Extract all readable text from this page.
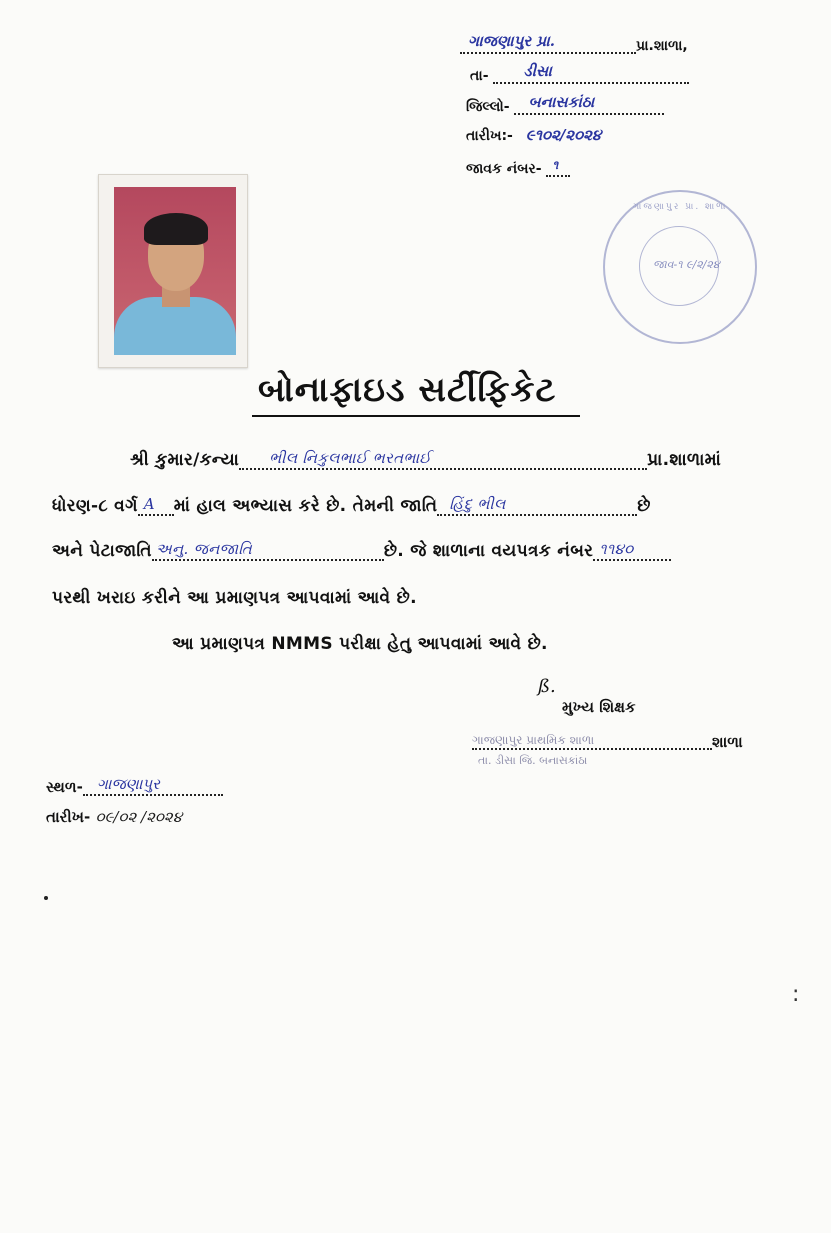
ગાજણાપુર પ્રા.	પ્રા.શાળા,
તા- ડીસા
જિલ્લો- બનાસકાંઠા
તારીખ:- ૯૧૦૨/૨૦૨૪
જાવક નંબર- ૧
ગાજણાપુર પ્રા. શાળા
જાવ-૧ ૯/૨/૨૪
બોનાફાઇડ સર્ટીફિકેટ
શ્રી કુમાર/કન્યા ભીલ નિકુલભાઈ ભરતભાઈ	પ્રા.શાળામાં
ધોરણ-૮ વર્ગ A માં હાલ અભ્યાસ કરે છે. તેમની જાતિ હિંદુ ભીલ	છે
અને પેટાજાતિ અનુ. જનજાતિ	છે. જે શાળાના વયપત્રક નંબર ૧૧૪૦
પરથી ખરાઇ કરીને આ પ્રમાણપત્ર આપવામાં આવે છે.
આ પ્રમાણપત્ર NMMS પરીક્ષા હેતુ આપવામાં આવે છે.
ß.
મુખ્ય શિક્ષક
ગાજણાપુર પ્રાથમિક શાળા	શાળા
તા. ડીસા જિ. બનાસકાંઠા
સ્થળ- ગાજણાપુર
તારીખ- ૦૯/૦૨ /૨૦૨૪
:
